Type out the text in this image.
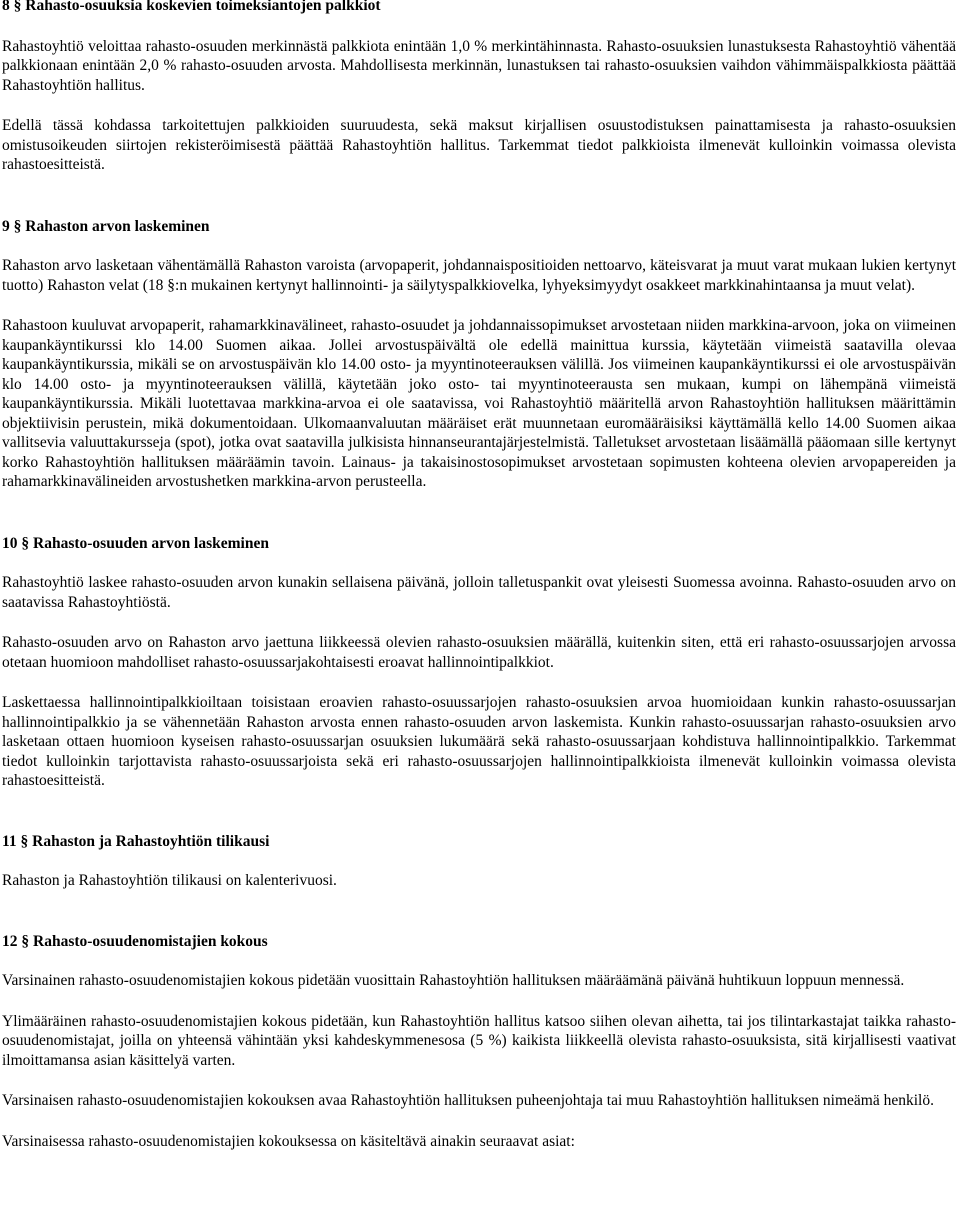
8 § Rahasto-osuuksia koskevien toimeksiantojen palkkiot

Rahastoyhtiö veloittaa rahasto-osuuden merkinnästä palkkiota enintään 1,0 % merkintähinnasta. Rahasto-osuuksien lunastuksesta Rahastoyhtiö vähentää palkkionaan enintään 2,0 % rahasto-osuuden arvosta. Mahdollisesta merkinnän, lunastuksen tai rahasto-osuuksien vaihdon vähimmäispalkkiosta päättää Rahastoyhtiön hallitus.

Edellä tässä kohdassa tarkoitettujen palkkioiden suuruudesta, sekä maksut kirjallisen osuustodistuksen painattamisesta ja rahasto-osuuksien omistusoikeuden siirtojen rekisteröimisestä päättää Rahastoyhtiön hallitus. Tarkemmat tiedot palkkioista ilmenevät kulloinkin voimassa olevista rahastoesitteistä.

9 § Rahaston arvon laskeminen

Rahaston arvo lasketaan vähentämällä Rahaston varoista (arvopaperit, johdannaispositioiden nettoarvo, käteisvarat ja muut varat mukaan lukien kertynyt tuotto) Rahaston velat (18 §:n mukainen kertynyt hallinnointi- ja säilytyspalkkiovelka, lyhyeksimyydyt osakkeet markkinahintaansa ja muut velat).

Rahastoon kuuluvat arvopaperit, rahamarkkinavälineet, rahasto-osuudet ja johdannaissopimukset arvostetaan niiden markkina-arvoon, joka on viimeinen kaupankäyntikurssi klo 14.00 Suomen aikaa. Jollei arvostuspäivältä ole edellä mainittua kurssia, käytetään viimeistä saatavilla olevaa kaupankäyntikurssia, mikäli se on arvostuspäivän klo 14.00 osto- ja myyntinoteerauksen välillä. Jos viimeinen kaupankäyntikurssi ei ole arvostuspäivän klo 14.00 osto- ja myyntinoteerauksen välillä, käytetään joko osto- tai myyntinoteerausta sen mukaan, kumpi on lähempänä viimeistä kaupankäyntikurssia. Mikäli luotettavaa markkina-arvoa ei ole saatavissa, voi Rahastoyhtiö määritellä arvon Rahastoyhtiön hallituksen määrittämin objektiivisin perustein, mikä dokumentoidaan. Ulkomaanvaluutan määräiset erät muunnetaan euromääräisiksi käyttämällä kello 14.00 Suomen aikaa vallitsevia valuuttakursseja (spot), jotka ovat saatavilla julkisista hinnanseurantajärjestelmistä. Talletukset arvostetaan lisäämällä pääomaan sille kertynyt korko Rahastoyhtiön hallituksen määräämin tavoin. Lainaus- ja takaisinostosopimukset arvostetaan sopimusten kohteena olevien arvopapereiden ja rahamarkkinavälineiden arvostushetken markkina-arvon perusteella.

10 § Rahasto-osuuden arvon laskeminen

Rahastoyhtiö laskee rahasto-osuuden arvon kunakin sellaisena päivänä, jolloin talletuspankit ovat yleisesti Suomessa avoinna. Rahasto-osuuden arvo on saatavissa Rahastoyhtiöstä.

Rahasto-osuuden arvo on Rahaston arvo jaettuna liikkeessä olevien rahasto-osuuksien määrällä, kuitenkin siten, että eri rahasto-osuussarjojen arvossa otetaan huomioon mahdolliset rahasto-osuussarjakohtaisesti eroavat hallinnointipalkkiot.

Laskettaessa hallinnointipalkkioiltaan toisistaan eroavien rahasto-osuussarjojen rahasto-osuuksien arvoa huomioidaan kunkin rahasto-osuussarjan hallinnointipalkkio ja se vähennetään Rahaston arvosta ennen rahasto-osuuden arvon laskemista. Kunkin rahasto-osuussarjan rahasto-osuuksien arvo lasketaan ottaen huomioon kyseisen rahasto-osuussarjan osuuksien lukumäärä sekä rahasto-osuussarjaan kohdistuva hallinnointipalkkio. Tarkemmat tiedot kulloinkin tarjottavista rahasto-osuussarjoista sekä eri rahasto-osuussarjojen hallinnointipalkkioista ilmenevät kulloinkin voimassa olevista rahastoesitteistä.

11 § Rahaston ja Rahastoyhtiön tilikausi

Rahaston ja Rahastoyhtiön tilikausi on kalenterivuosi.

12 § Rahasto-osuudenomistajien kokous

Varsinainen rahasto-osuudenomistajien kokous pidetään vuosittain Rahastoyhtiön hallituksen määräämänä päivänä huhtikuun loppuun mennessä.

Ylimääräinen rahasto-osuudenomistajien kokous pidetään, kun Rahastoyhtiön hallitus katsoo siihen olevan aihetta, tai jos tilintarkastajat taikka rahasto-osuudenomistajat, joilla on yhteensä vähintään yksi kahdeskymmenesosa (5 %) kaikista liikkeellä olevista rahasto-osuuksista, sitä kirjallisesti vaativat ilmoittamansa asian käsittelyä varten.

Varsinaisen rahasto-osuudenomistajien kokouksen avaa Rahastoyhtiön hallituksen puheenjohtaja tai muu Rahastoyhtiön hallituksen nimeämä henkilö.

Varsinaisessa rahasto-osuudenomistajien kokouksessa on käsiteltävä ainakin seuraavat asiat:
